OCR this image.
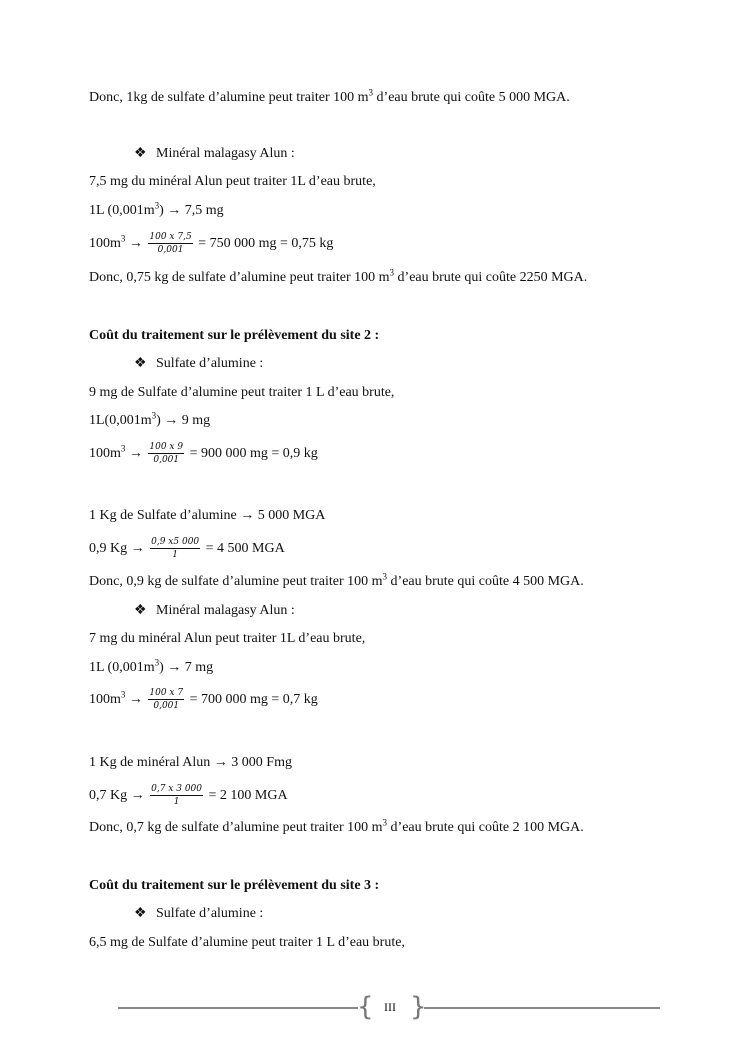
Donc, 1kg de sulfate d’alumine peut traiter 100 $m^3$ d’eau brute qui coûte 5 000 MGA.
❖ Minéral malagasy Alun :
7,5 mg du minéral Alun peut traiter 1L d’eau brute,
1L $(0,001m^3) \to 7,5$ mg
$100m^3 \to \frac{100 x 7,5}{0,001} = 750$ 000 mg = 0,75 kg
Donc, 0,75 kg de sulfate d’alumine peut traiter 100 $m^3$ d’eau brute qui coûte 2250 MGA.
Coût du traitement sur le prélèvement du site 2 :
❖ Sulfate d’alumine :
9 mg de Sulfate d’alumine peut traiter 1 L d’eau brute,
$1L(0,001m^3) \to 9$ mg
$100m^3 \to \frac{100 x 9}{0,001} = 900$ 000 mg = 0,9 kg
1 Kg de Sulfate d’alumine → 5 000 MGA
0,9 $Kg \to \frac{0,9 x5 000}{1} = 4$ 500 MGA
Donc, 0,9 kg de sulfate d’alumine peut traiter 100 $m^3$ d’eau brute qui coûte 4 500 MGA.
❖ Minéral malagasy Alun :
7 mg du minéral Alun peut traiter 1L d’eau brute,
1L $(0,001m^3) \to 7$ mg
$100m^3 \to \frac{100 x 7}{0,001} = 700$ 000 mg = 0,7 kg
1 Kg de minéral Alun → 3 000 Fmg
0,7 $Kg \to \frac{0,7 x 3 000}{1} = 2$ 100 MGA
Donc, 0,7 kg de sulfate d’alumine peut traiter 100 $m^3$ d’eau brute qui coûte 2 100 MGA.
Coût du traitement sur le prélèvement du site 3 :
❖ Sulfate d’alumine :
6,5 mg de Sulfate d’alumine peut traiter 1 L d’eau brute,
{ III }
